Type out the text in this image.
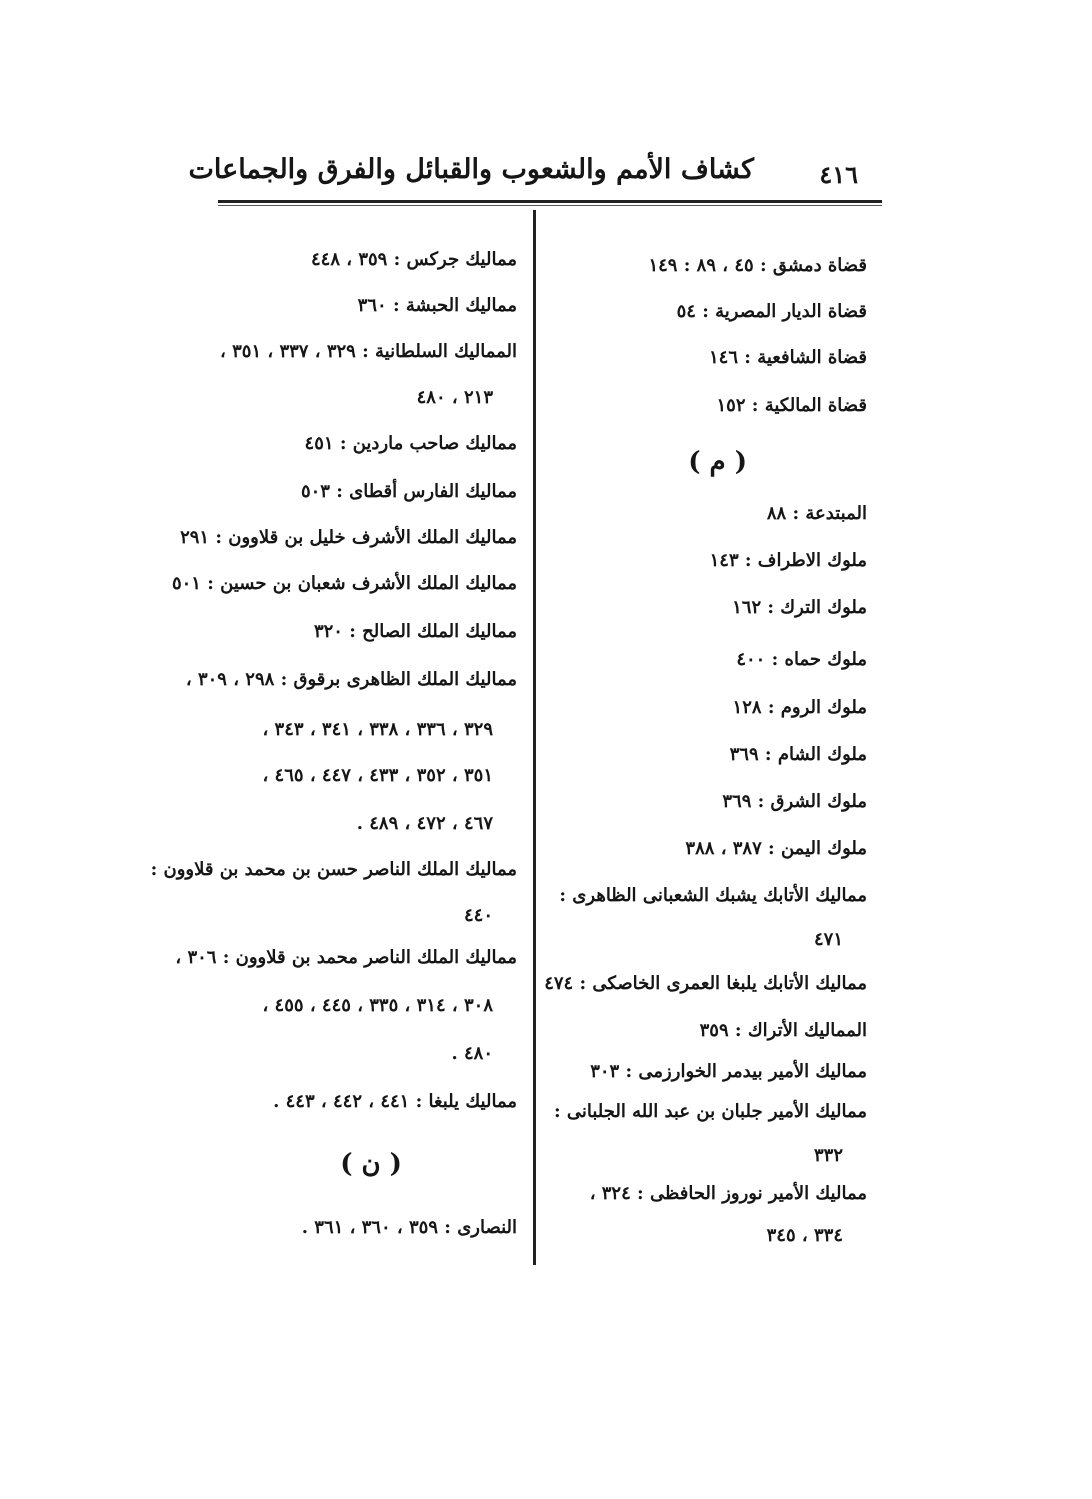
٤١٦
كشاف الأمم والشعوب والقبائل والفرق والجماعات
قضاة دمشق : ٤٥ ، ٨٩ : ١٤٩
قضاة الديار المصرية : ٥٤
قضاة الشافعية : ١٤٦
قضاة المالكية : ١٥٢
( م )
المبتدعة : ٨٨
ملوك الاطراف : ١٤٣
ملوك الترك : ١٦٢
ملوك حماه : ٤٠٠
ملوك الروم : ١٢٨
ملوك الشام : ٣٦٩
ملوك الشرق : ٣٦٩
ملوك اليمن : ٣٨٧ ، ٣٨٨
مماليك الأتابك يشبك الشعبانى الظاهرى :
٤٧١
مماليك الأتابك يلبغا العمرى الخاصكى : ٤٧٤
المماليك الأتراك : ٣٥٩
مماليك الأمير بيدمر الخوارزمى : ٣٠٣
مماليك الأمير جلبان بن عبد الله الجلبانى :
٣٣٢
مماليك الأمير نوروز الحافظى : ٣٢٤ ،
٣٣٤ ، ٣٤٥
مماليك جركس : ٣٥٩ ، ٤٤٨
مماليك الحبشة : ٣٦٠
المماليك السلطانية : ٣٢٩ ، ٣٣٧ ، ٣٥١ ،
٢١٣ ، ٤٨٠
مماليك صاحب ماردين : ٤٥١
مماليك الفارس أقطاى : ٥٠٣
مماليك الملك الأشرف خليل بن قلاوون : ٢٩١
مماليك الملك الأشرف شعبان بن حسين : ٥٠١
مماليك الملك الصالح : ٣٢٠
مماليك الملك الظاهرى برقوق : ٢٩٨ ، ٣٠٩ ،
٣٢٩ ، ٣٣٦ ، ٣٣٨ ، ٣٤١ ، ٣٤٣ ،
٣٥١ ، ٣٥٢ ، ٤٣٣ ، ٤٤٧ ، ٤٦٥ ،
٤٦٧ ، ٤٧٢ ، ٤٨٩ .
مماليك الملك الناصر حسن بن محمد بن قلاوون :
٤٤٠
مماليك الملك الناصر محمد بن قلاوون : ٣٠٦ ،
٣٠٨ ، ٣١٤ ، ٣٣٥ ، ٤٤٥ ، ٤٥٥ ،
٤٨٠ .
مماليك يلبغا : ٤٤١ ، ٤٤٢ ، ٤٤٣ .
( ن )
النصارى : ٣٥٩ ، ٣٦٠ ، ٣٦١ .
